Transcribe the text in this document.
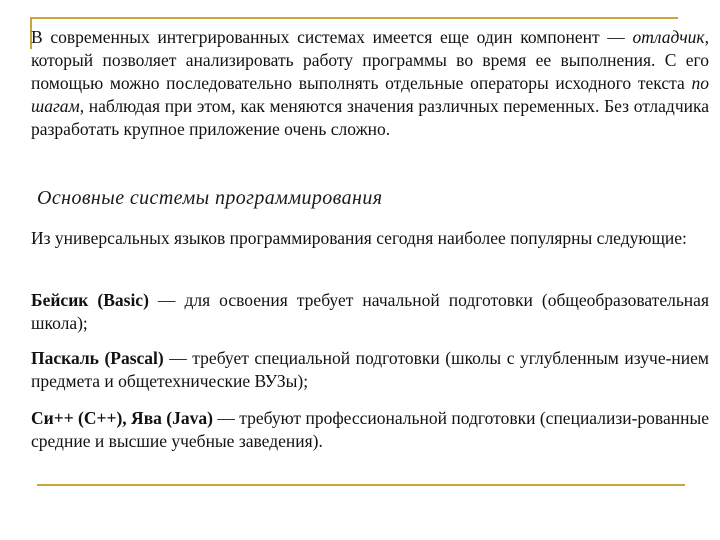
В современных интегрированных системах имеется еще один компонент — отладчик, который позволяет анализировать работу программы во время ее выполнения. С его помощью можно последовательно выполнять отдельные операторы исходного текста по шагам, наблюдая при этом, как меняются значения различных переменных. Без отладчика разработать крупное приложение очень сложно.

Основные системы программирования

Из универсальных языков программирования сегодня наиболее популярны следующие:

Бейсик (Basic) — для освоения требует начальной подготовки (общеобразовательная школа);

Паскаль (Pascal) — требует специальной подготовки (школы с углубленным изуче-нием предмета и общетехнические ВУЗы);

Си++ (С++), Ява (Java) — требуют профессиональной подготовки (специализи-рованные средние и высшие учебные заведения).
